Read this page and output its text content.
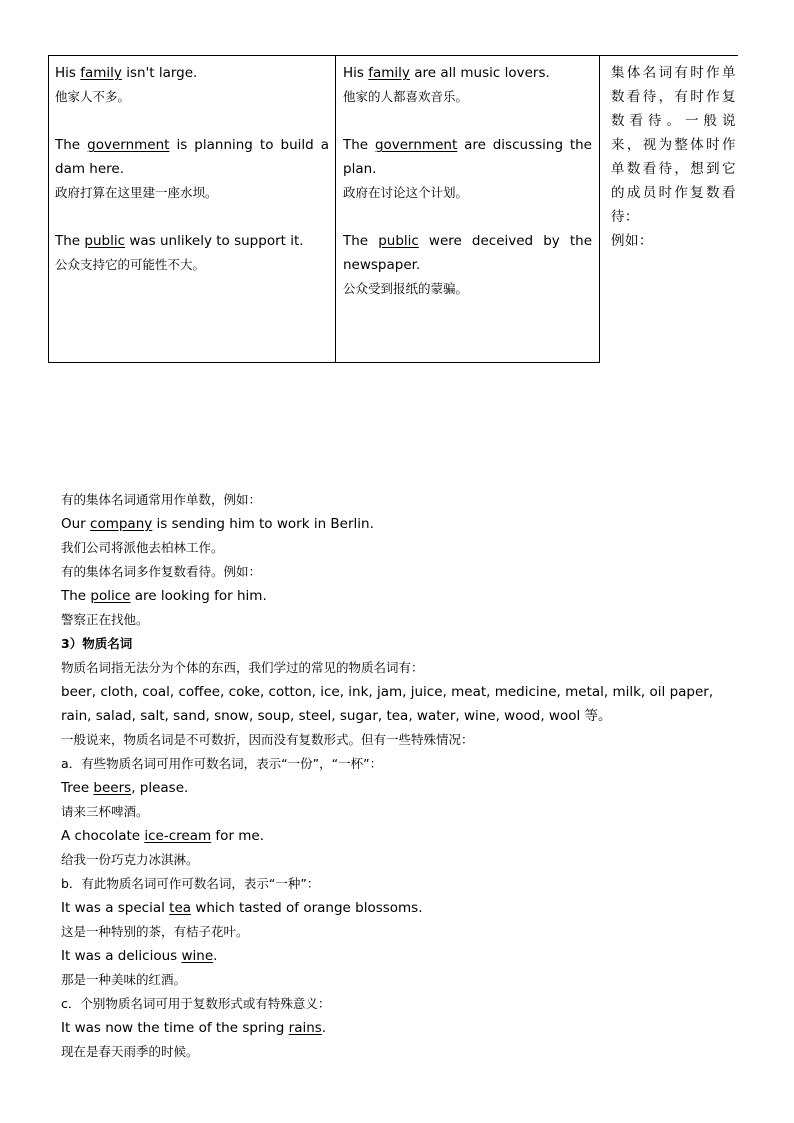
His family isn't large.
他家人不多。
The government is planning to build a dam here.
政府打算在这里建一座水坝。
The public was unlikely to support it.
公众支持它的可能性不大。
His family are all music lovers.
他家的人都喜欢音乐。
The government are discussing the plan.
政府在讨论这个计划。
The public were deceived by the newspaper.
公众受到报纸的蒙骗。
集体名词有时作单数看待，有时作复数看待。一般说来，视为整体时作单数看待，想到它的成员时作复数看待：
例如：
有的集体名词通常用作单数，例如：
Our company is sending him to work in Berlin.
我们公司将派他去柏林工作。
有的集体名词多作复数看待。例如：
The police are looking for him.
警察正在找他。
3）物质名词
物质名词指无法分为个体的东西，我们学过的常见的物质名词有：
beer, cloth, coal, coffee, coke, cotton, ice, ink, jam, juice, meat, medicine, metal, milk, oil paper, rain, salad, salt, sand, snow, soup, steel, sugar, tea, water, wine, wood, wool 等。
一般说来，物质名词是不可数折，因而没有复数形式。但有一些特殊情况：
a．有些物质名词可用作可数名词，表示“一份”，“一杯”：
Tree beers, please.
请来三杯啤酒。
A chocolate ice-cream for me.
给我一份巧克力冰淇淋。
b．有此物质名词可作可数名词，表示“一种”：
It was a special tea which tasted of orange blossoms.
这是一种特别的茶，有桔子花叶。
It was a delicious wine.
那是一种美味的红酒。
c．个别物质名词可用于复数形式或有特殊意义：
It was now the time of the spring rains.
现在是春天雨季的时候。
